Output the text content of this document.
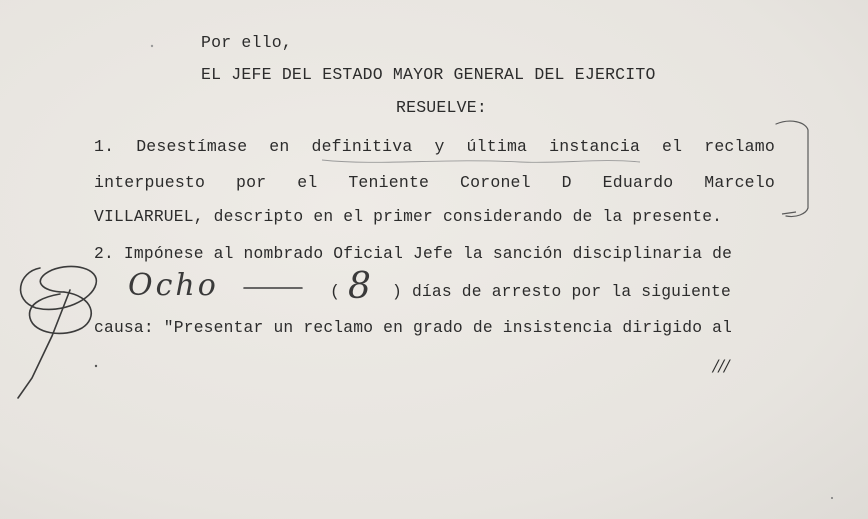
Por ello,
EL JEFE DEL ESTADO MAYOR GENERAL DEL EJERCITO
RESUELVE:
1. Desestímase en definitiva y última instancia el reclamo
interpuesto por el Teniente Coronel D Eduardo Marcelo
VILLARRUEL, descripto en el primer considerando de la presente.
2. Impónese al nombrado Oficial Jefe la sanción disciplinaria de
Ocho	( 8 ) días de arresto por la siguiente
causa: "Presentar un reclamo en grado de insistencia dirigido al
///
